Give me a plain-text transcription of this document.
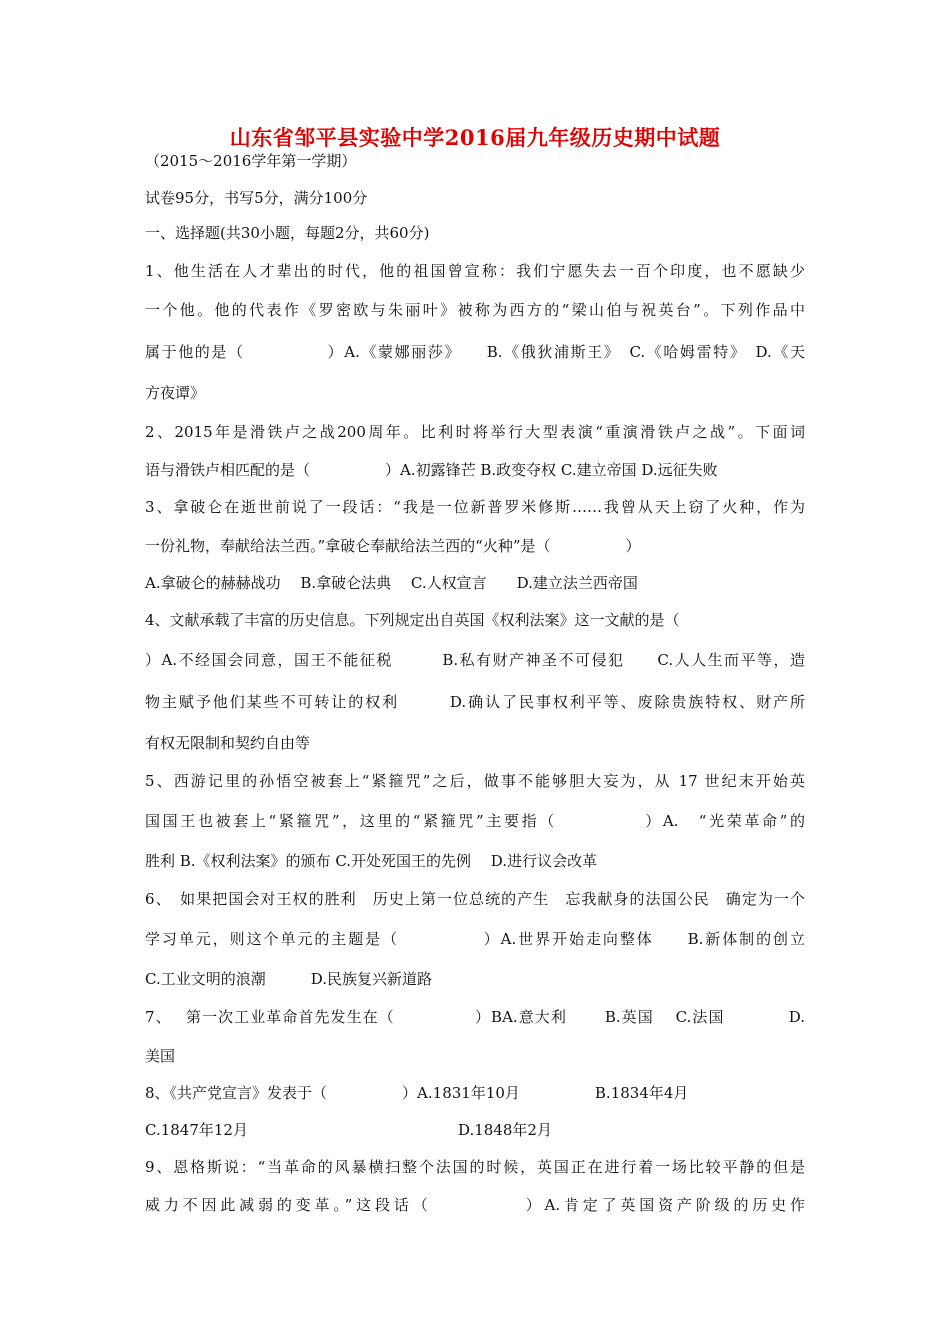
山东省邹平县实验中学2016届九年级历史期中试题
（2015～2016学年第一学期）
试卷95分，书写5分，满分100分
一、选择题(共30小题，每题2分，共60分)
1、他生活在人才辈出的时代，他的祖国曾宣称：我们宁愿失去一百个印度，也不愿缺少
一个他。他的代表作《罗密欧与朱丽叶》被称为西方的“梁山伯与祝英台”。下列作品中
属于他的是（　　　　　）A.《蒙娜丽莎》　　B.《俄狄浦斯王》　C.《哈姆雷特》　D.《天
方夜谭》
2、2015年是滑铁卢之战200周年。比利时将举行大型表演“重演滑铁卢之战”。下面词
语与滑铁卢相匹配的是（　　　　　）A.初露锋芒 B.政变夺权 C.建立帝国 D.远征失败
3、拿破仑在逝世前说了一段话：“我是一位新普罗米修斯……我曾从天上窃了火种，作为
一份礼物，奉献给法兰西。”拿破仑奉献给法兰西的“火种”是（　　　　　）
A.拿破仑的赫赫战功　 B.拿破仑法典　 C.人权宣言　　D.建立法兰西帝国
4、文献承载了丰富的历史信息。下列规定出自英国《权利法案》这一文献的是（
）A.不经国会同意，国王不能征税　　　B.私有财产神圣不可侵犯　　C.人人生而平等，造
物主赋予他们某些不可转让的权利　　　D.确认了民事权利平等、废除贵族特权、财产所
有权无限制和契约自由等
5、西游记里的孙悟空被套上“紧箍咒”之后，做事不能够胆大妄为，从 17 世纪末开始英
国国王也被套上“紧箍咒”，这里的“紧箍咒”主要指（　　　　　）A.　“光荣革命”的
胜利 B.《权利法案》的颁布 C.开处死国王的先例　 D.进行议会改革
6、　如果把国会对王权的胜利　历史上第一位总统的产生　忘我献身的法国公民　确定为一个
学习单元，则这个单元的主题是（　　　　　）A.世界开始走向整体　　B.新体制的创立
C.工业文明的浪潮　　　D.民族复兴新道路
7、　 第一次工业革命首先发生在（　　　　　）BA.意大利　　 B.英国　 C.法国　　　　D.
美国
8、《共产党宣言》发表于（　　　　　）A.1831年10月　　　　　B.1834年4月
C.1847年12月　　　　　　　　　　　　　　D.1848年2月
9、恩格斯说：“当革命的风暴横扫整个法国的时候，英国正在进行着一场比较平静的但是
威力不因此减弱的变革。”这段话（　　　　　）A.肯定了英国资产阶级的历史作
